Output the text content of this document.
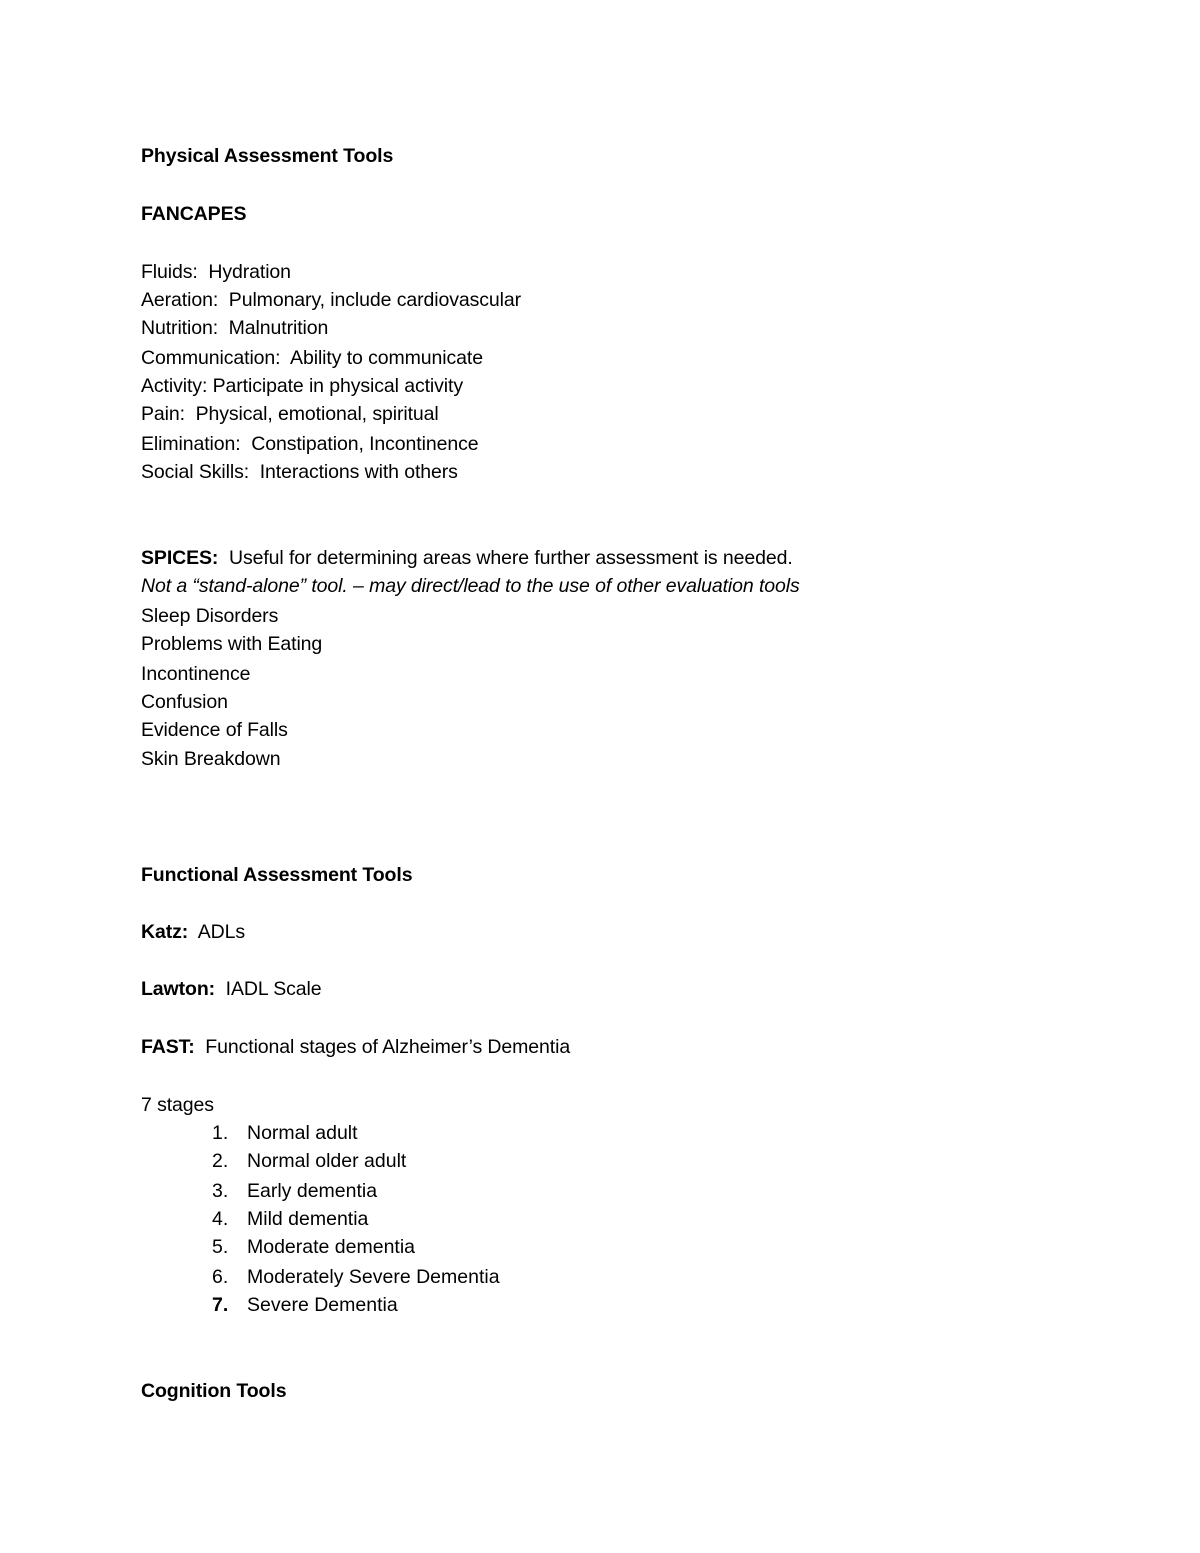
Physical Assessment Tools
FANCAPES
Fluids:  Hydration
Aeration:  Pulmonary, include cardiovascular
Nutrition:  Malnutrition
Communication:  Ability to communicate
Activity: Participate in physical activity
Pain:  Physical, emotional, spiritual
Elimination:  Constipation, Incontinence
Social Skills:  Interactions with others
SPICES:  Useful for determining areas where further assessment is needed.
Not a “stand-alone” tool. – may direct/lead to the use of other evaluation tools
Sleep Disorders
Problems with Eating
Incontinence
Confusion
Evidence of Falls
Skin Breakdown
Functional Assessment Tools
Katz:  ADLs
Lawton:  IADL Scale
FAST:  Functional stages of Alzheimer’s Dementia
7 stages
1. Normal adult
2. Normal older adult
3. Early dementia
4. Mild dementia
5. Moderate dementia
6. Moderately Severe Dementia
7. Severe Dementia
Cognition Tools
